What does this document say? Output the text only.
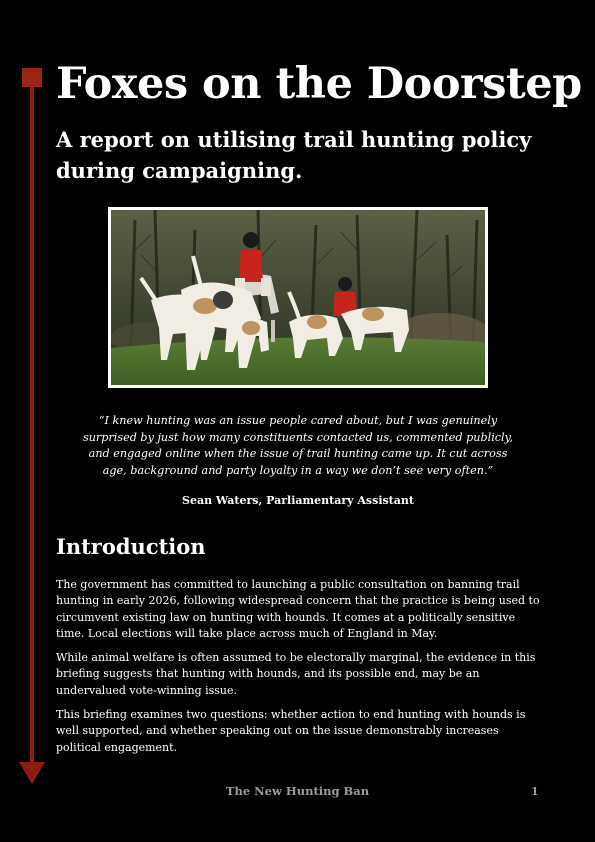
Foxes on the Doorstep
A report on utilising trail hunting policy during campaigning.

“I knew hunting was an issue people cared about, but I was genuinely surprised by just how many constituents contacted us, commented publicly, and engaged online when the issue of trail hunting came up. It cut across age, background and party loyalty in a way we don’t see very often.”

Sean Waters, Parliamentary Assistant

Introduction

The government has committed to launching a public consultation on banning trail hunting in early 2026, following widespread concern that the practice is being used to circumvent existing law on hunting with hounds. It comes at a politically sensitive time. Local elections will take place across much of England in May.

While animal welfare is often assumed to be electorally marginal, the evidence in this briefing suggests that hunting with hounds, and its possible end, may be an undervalued vote-winning issue.

This briefing examines two questions: whether action to end hunting with hounds is well supported, and whether speaking out on the issue demonstrably increases political engagement.

The New Hunting Ban	1
